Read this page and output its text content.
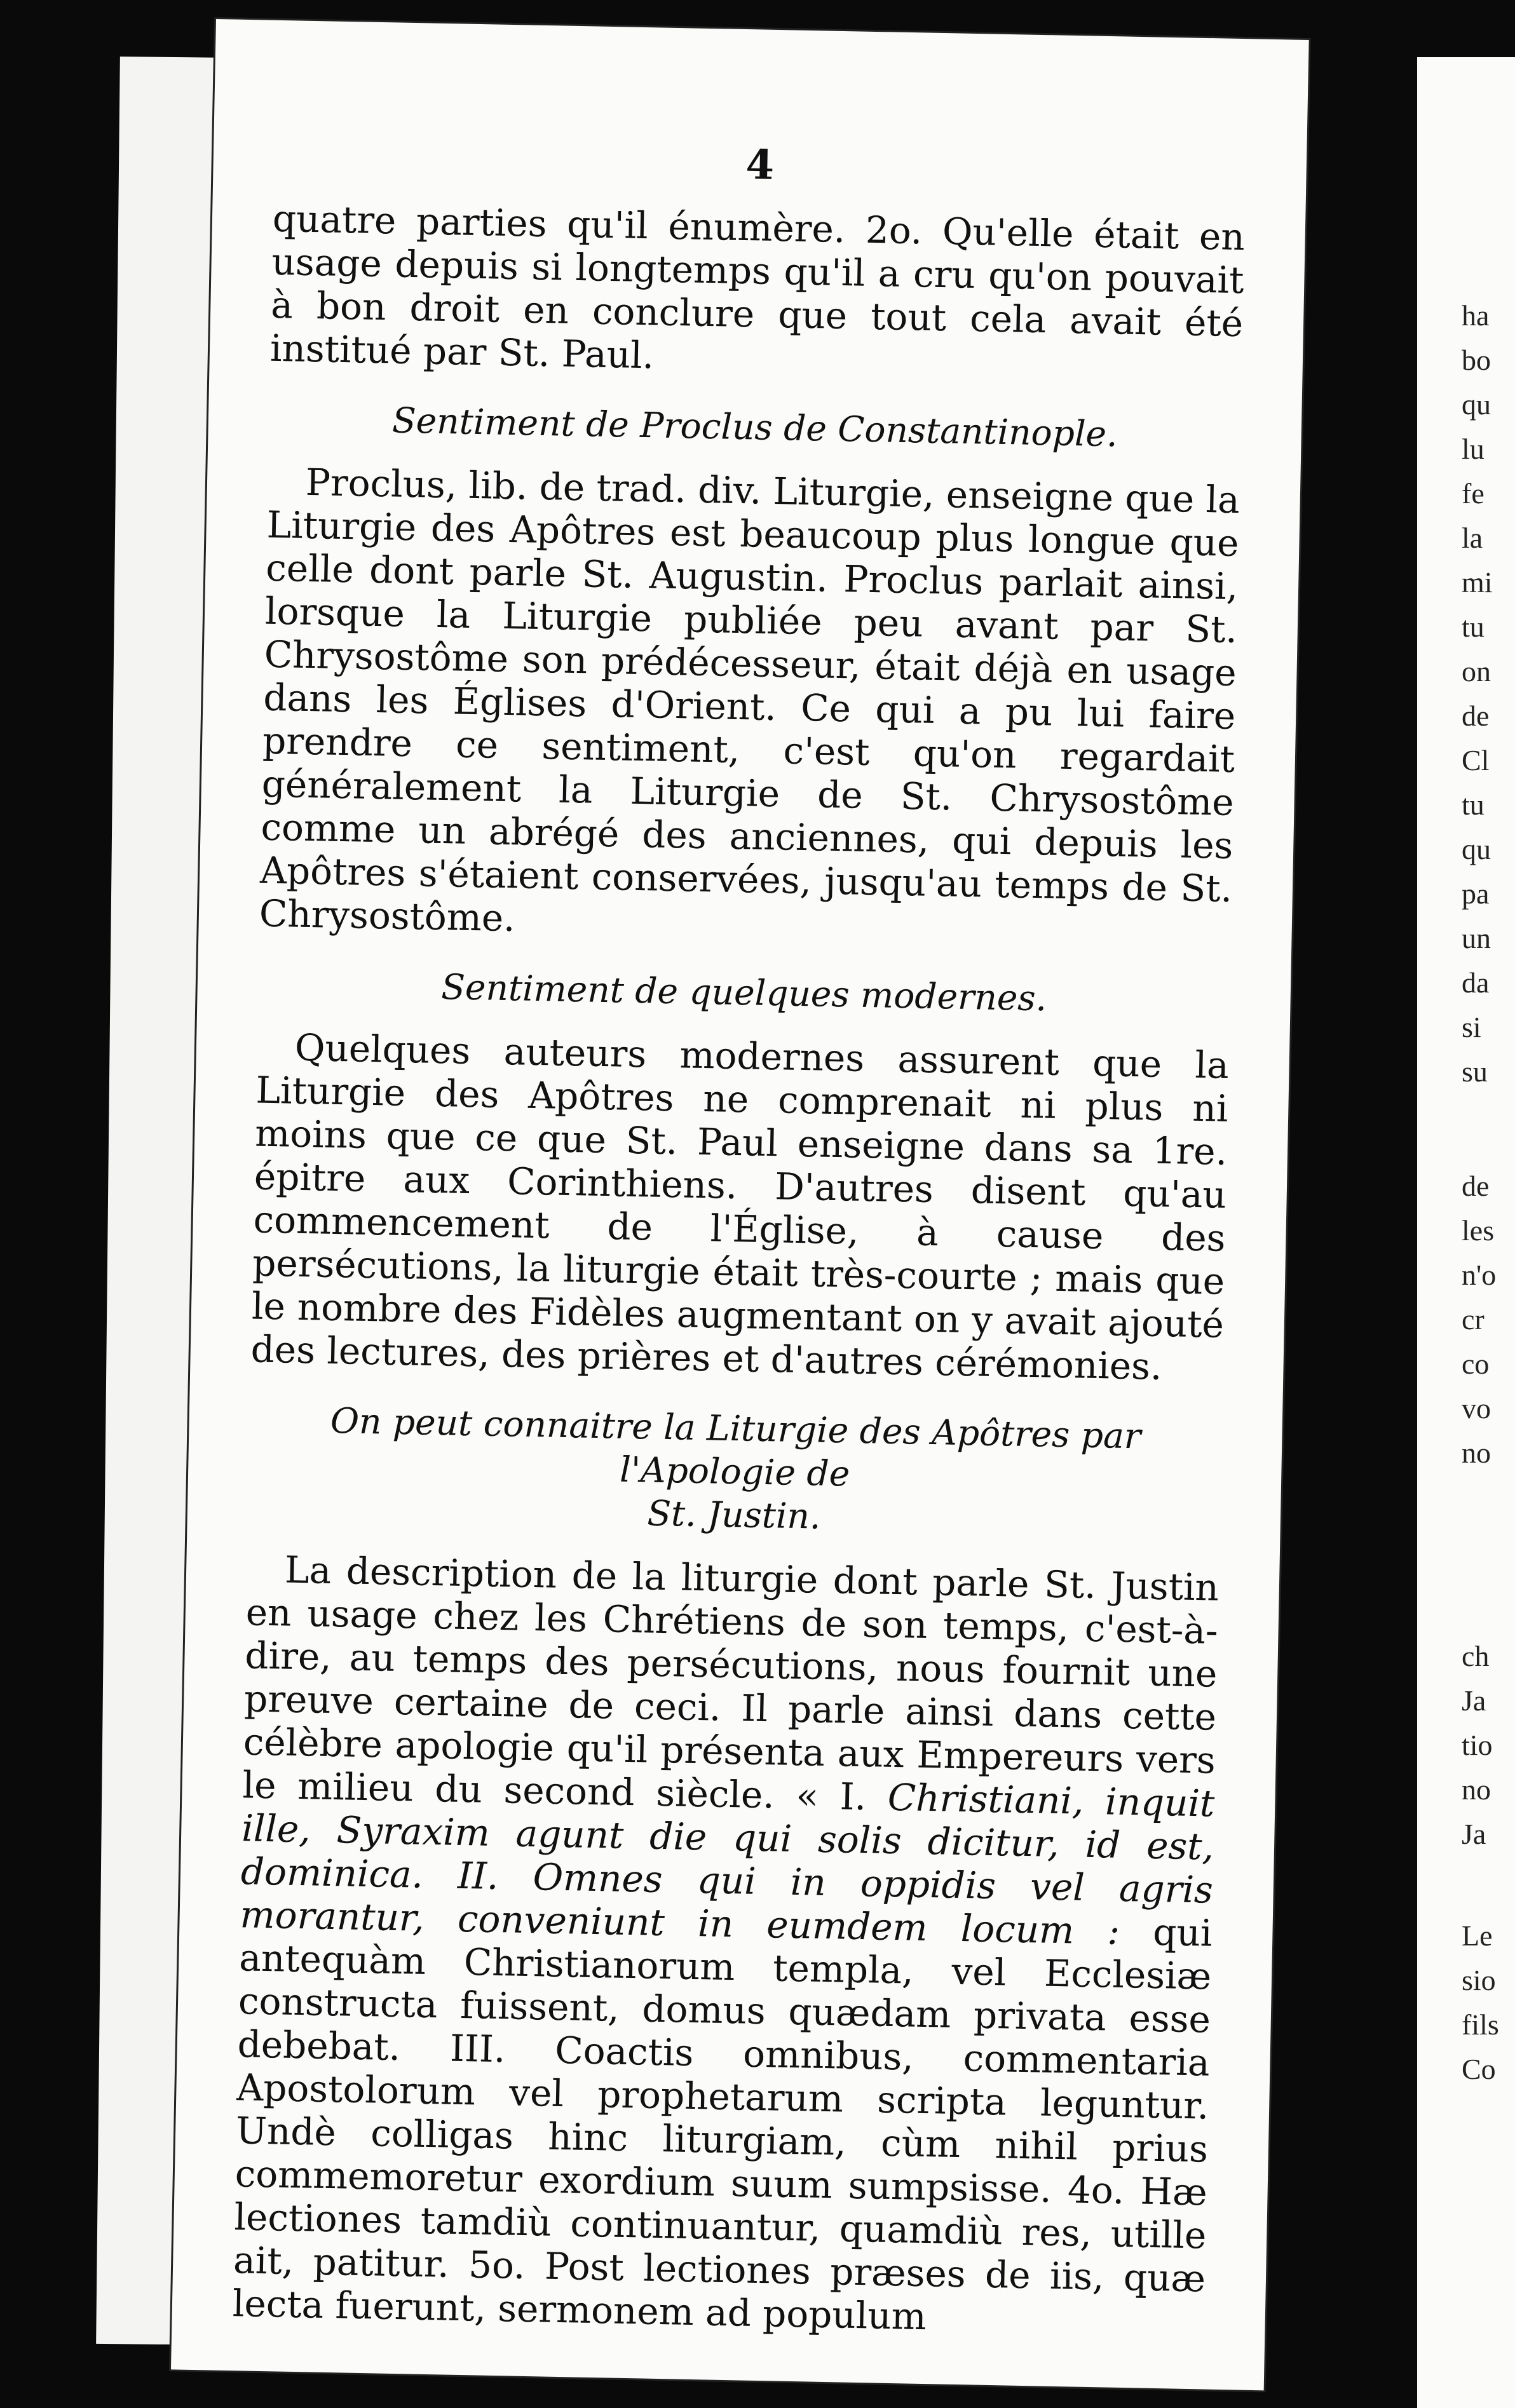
ha
bo
qu
lu
fe
la
mi
tu
on
de
Cl
tu
qu
pa
un
da
si
su
de
les
n'o
cr
co
vo
no
ch
Ja
tio
no
Ja
Le
sio
fils
Co
4

quatre parties qu'il énumère. 2o. Qu'elle était en usage depuis si longtemps qu'il a cru qu'on pouvait à bon droit en conclure que tout cela avait été institué par St. Paul.

Sentiment de Proclus de Constantinople.

Proclus, lib. de trad. div. Liturgie, enseigne que la Liturgie des Apôtres est beaucoup plus longue que celle dont parle St. Augustin. Proclus parlait ainsi, lorsque la Liturgie publiée peu avant par St. Chrysostôme son prédécesseur, était déjà en usage dans les Églises d'Orient. Ce qui a pu lui faire prendre ce sentiment, c'est qu'on regardait généralement la Liturgie de St. Chrysostôme comme un abrégé des anciennes, qui depuis les Apôtres s'étaient conservées, jusqu'au temps de St. Chrysostôme.

Sentiment de quelques modernes.

Quelques auteurs modernes assurent que la Liturgie des Apôtres ne comprenait ni plus ni moins que ce que St. Paul enseigne dans sa 1re. épitre aux Corinthiens. D'autres disent qu'au commencement de l'Église, à cause des persécutions, la liturgie était très-courte ; mais que le nombre des Fidèles augmentant on y avait ajouté des lectures, des prières et d'autres cérémonies.

On peut connaitre la Liturgie des Apôtres par l'Apologie de
St. Justin.

La description de la liturgie dont parle St. Justin en usage chez les Chrétiens de son temps, c'est-à-dire, au temps des persécutions, nous fournit une preuve certaine de ceci. Il parle ainsi dans cette célèbre apologie qu'il présenta aux Empereurs vers le milieu du second siècle. « I. Christiani, inquit ille, Syraxim agunt die qui solis dicitur, id est, dominica. II. Omnes qui in oppidis vel agris morantur, conveniunt in eumdem locum : qui antequàm Christianorum templa, vel Ecclesiæ constructa fuissent, domus quædam privata esse debebat. III. Coactis omnibus, commentaria Apostolorum vel prophetarum scripta leguntur. Undè colligas hinc liturgiam, cùm nihil prius commemoretur exordium suum sumpsisse. 4o. Hæ lectiones tamdiù continuantur, quamdiù res, utille ait, patitur. 5o. Post lectiones præses de iis, quæ lecta fuerunt, sermonem ad populum
